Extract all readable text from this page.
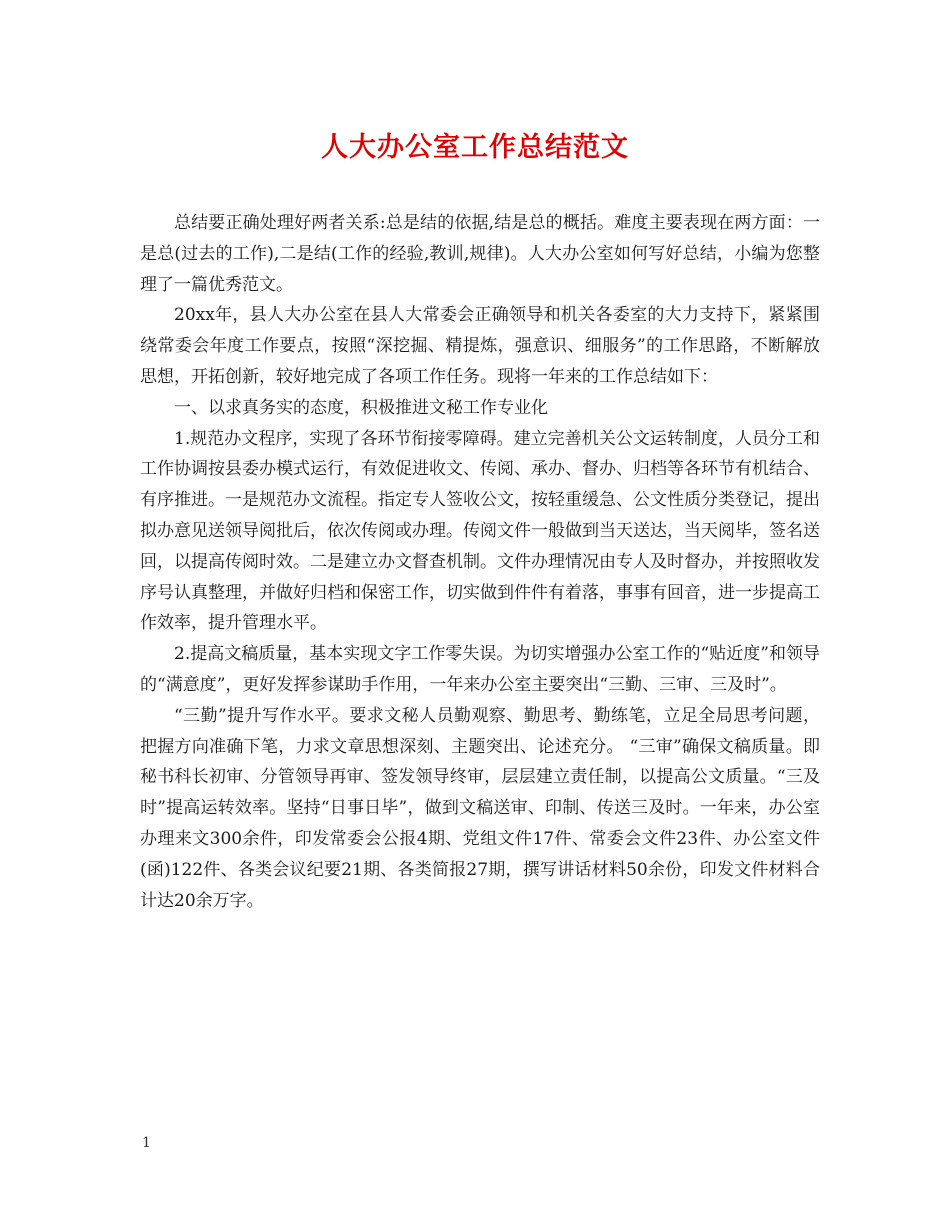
人大办公室工作总结范文

总结要正确处理好两者关系:总是结的依据,结是总的概括。难度主要表现在两方面：一是总(过去的工作),二是结(工作的经验,教训,规律)。人大办公室如何写好总结，小编为您整理了一篇优秀范文。

20xx年，县人大办公室在县人大常委会正确领导和机关各委室的大力支持下，紧紧围绕常委会年度工作要点，按照“深挖掘、精提炼，强意识、细服务”的工作思路，不断解放思想，开拓创新，较好地完成了各项工作任务。现将一年来的工作总结如下：

一、以求真务实的态度，积极推进文秘工作专业化

1.规范办文程序，实现了各环节衔接零障碍。建立完善机关公文运转制度，人员分工和工作协调按县委办模式运行，有效促进收文、传阅、承办、督办、归档等各环节有机结合、有序推进。一是规范办文流程。指定专人签收公文，按轻重缓急、公文性质分类登记，提出拟办意见送领导阅批后，依次传阅或办理。传阅文件一般做到当天送达，当天阅毕，签名送回，以提高传阅时效。二是建立办文督查机制。文件办理情况由专人及时督办，并按照收发序号认真整理，并做好归档和保密工作，切实做到件件有着落，事事有回音，进一步提高工作效率，提升管理水平。

2.提高文稿质量，基本实现文字工作零失误。为切实增强办公室工作的“贴近度”和领导的“满意度”，更好发挥参谋助手作用，一年来办公室主要突出“三勤、三审、三及时”。

“三勤”提升写作水平。要求文秘人员勤观察、勤思考、勤练笔，立足全局思考问题，把握方向准确下笔，力求文章思想深刻、主题突出、论述充分。 “三审”确保文稿质量。即秘书科长初审、分管领导再审、签发领导终审，层层建立责任制，以提高公文质量。“三及时”提高运转效率。坚持“日事日毕”，做到文稿送审、印制、传送三及时。一年来，办公室办理来文300余件，印发常委会公报4期、党组文件17件、常委会文件23件、办公室文件(函)122件、各类会议纪要21期、各类简报27期，撰写讲话材料50余份，印发文件材料合计达20余万字。

1
